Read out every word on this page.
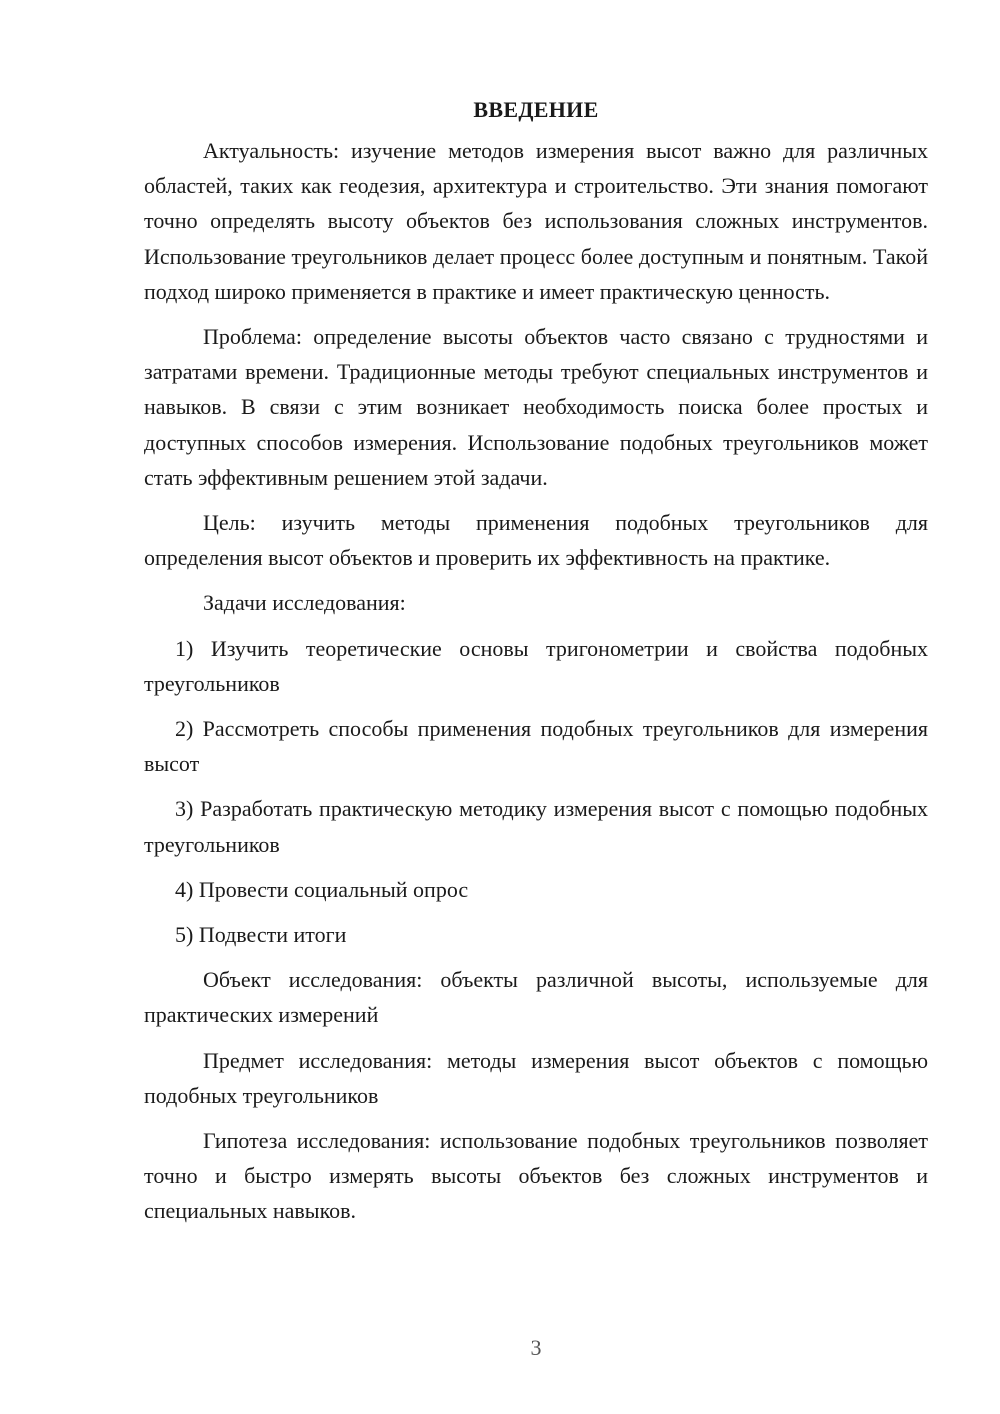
ВВЕДЕНИЕ

Актуальность: изучение методов измерения высот важно для различных областей, таких как геодезия, архитектура и строительство. Эти знания помогают точно определять высоту объектов без использования сложных инструментов. Использование треугольников делает процесс более доступным и понятным. Такой подход широко применяется в практике и имеет практическую ценность.

Проблема: определение высоты объектов часто связано с трудностями и затратами времени. Традиционные методы требуют специальных инструментов и навыков. В связи с этим возникает необходимость поиска более простых и доступных способов измерения. Использование подобных треугольников может стать эффективным решением этой задачи.

Цель: изучить методы применения подобных треугольников для определения высот объектов и проверить их эффективность на практике.

Задачи исследования:

1) Изучить теоретические основы тригонометрии и свойства подобных треугольников

2) Рассмотреть способы применения подобных треугольников для измерения высот

3) Разработать практическую методику измерения высот с помощью подобных треугольников

4) Провести социальный опрос

5) Подвести итоги

Объект исследования: объекты различной высоты, используемые для практических измерений

Предмет исследования: методы измерения высот объектов с помощью подобных треугольников

Гипотеза исследования: использование подобных треугольников позволяет точно и быстро измерять высоты объектов без сложных инструментов и специальных навыков.

3
